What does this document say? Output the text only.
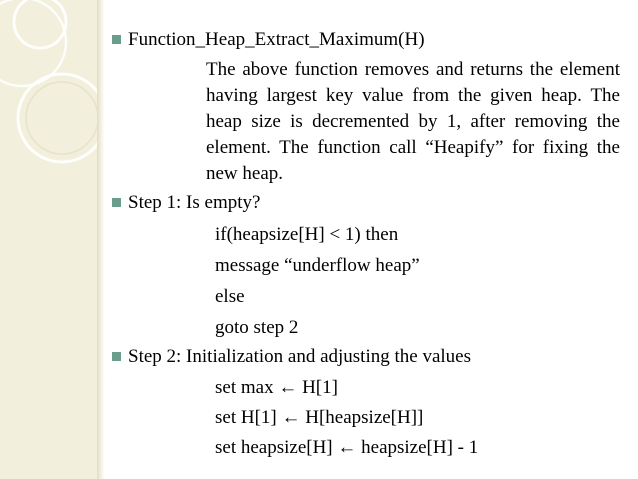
Function_Heap_Extract_Maximum(H)
The above function removes and returns the element having largest key value from the given heap. The heap size is decremented by 1, after removing the element. The function call “Heapify” for fixing the new heap.
Step 1: Is empty?
if(heapsize[H] < 1) then
message “underflow heap”
else
goto step 2
Step 2: Initialization and adjusting the values
set max ← H[1]
set H[1] ← H[heapsize[H]]
set heapsize[H] ← heapsize[H] - 1
